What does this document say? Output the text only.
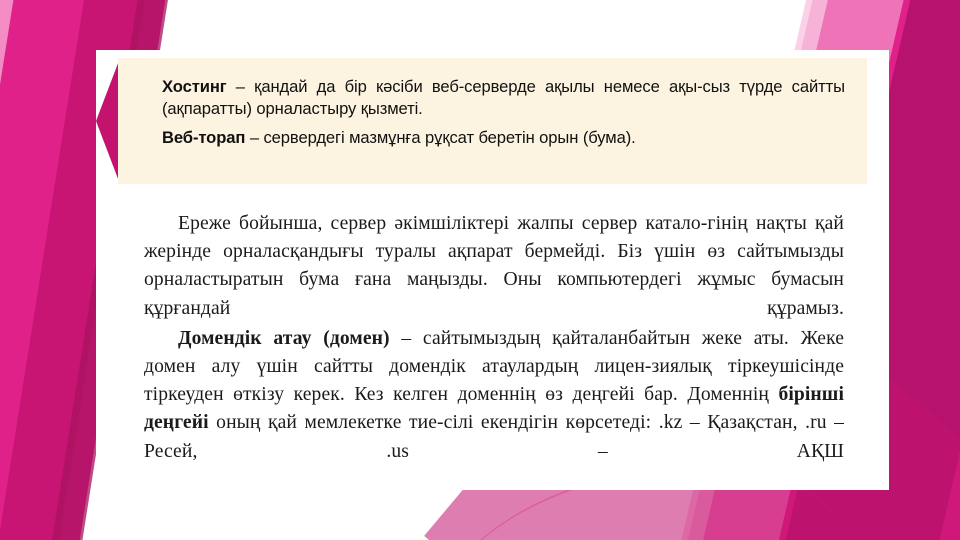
Хостинг – қандай да бір кәсіби веб-серверде ақылы немесе ақы-сыз түрде сайтты (ақпаратты) орналастыру қызметі.

Веб-торап – сервердегі мазмұнға рұқсат беретін орын (бума).

Ереже бойынша, сервер әкімшіліктері жалпы сервер катало-гінің нақты қай жерінде орналасқандығы туралы ақпарат бермейді. Біз үшін өз сайтымызды орналастыратын бума ғана маңызды. Оны компьютердегі жұмыс бумасын құрғандай құрамыз.

Домендік атау (домен) – сайтымыздың қайталанбайтын жеке аты. Жеке домен алу үшін сайтты домендік атаулардың лицен-зиялық тіркеушісінде тіркеуден өткізу керек. Кез келген доменнің өз деңгейі бар. Доменнің бірінші деңгейі оның қай мемлекетке тие-сілі екендігін көрсетеді: .kz – Қазақстан, .ru – Ресей, .us – АҚШ
